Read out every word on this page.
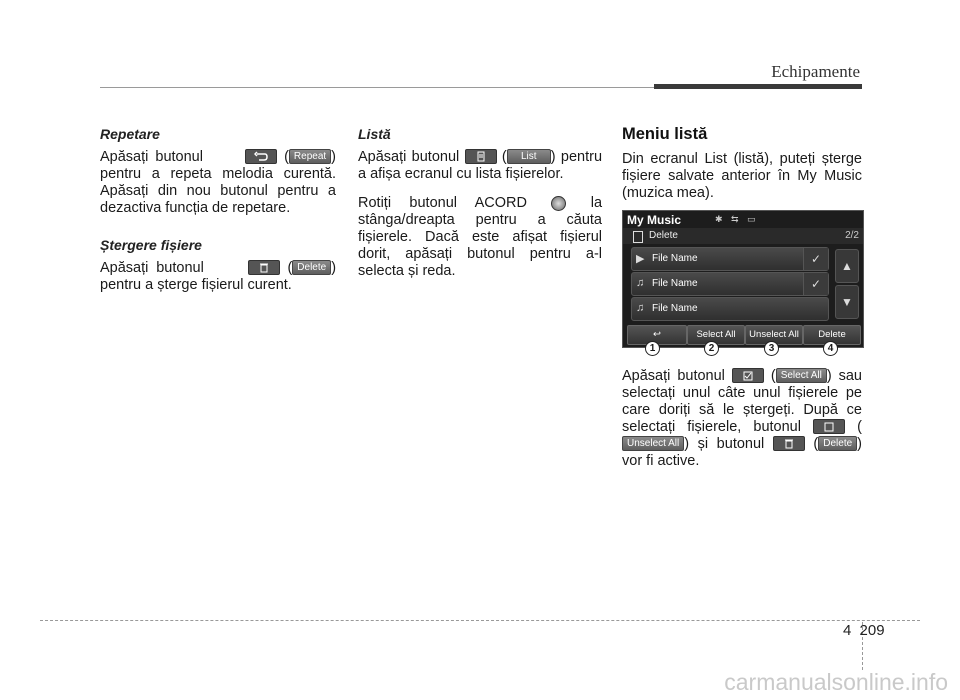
Echipamente

Repetare

Apăsați butonul	( Repeat ) pentru a repeta melodia curentă. Apăsați din nou butonul pentru a dezactiva funcția de repetare.

Ștergere fișiere

Apăsați butonul	( Delete ) pentru a șterge fișierul curent.

Listă

Apăsați butonul	( List ) pentru a afișa ecranul cu lista fișierelor.

Rotiți butonul ACORD	la stânga/dreapta pentru a căuta fișierele. Dacă este afișat fișierul dorit, apăsați butonul pentru a-l selecta și reda.

Meniu listă

Din ecranul List (listă), puteți șterge fișiere salvate anterior în My Music (muzica mea).

My Music	✱ ⇆ ▭
Delete	2/2
▶ File Name	✓
♫ File Name	✓
♫ File Name
▲
▼
↩	Select All	Unselect All	Delete
1	2	3	4

Apăsați butonul	( Select All ) sau selectați unul câte unul fișierele pe care doriți să le ștergeți. După ce selectați fișierele, butonul	(Unselect All ) și butonul	( Delete ) vor fi active.

4 209
carmanualsonline.info
